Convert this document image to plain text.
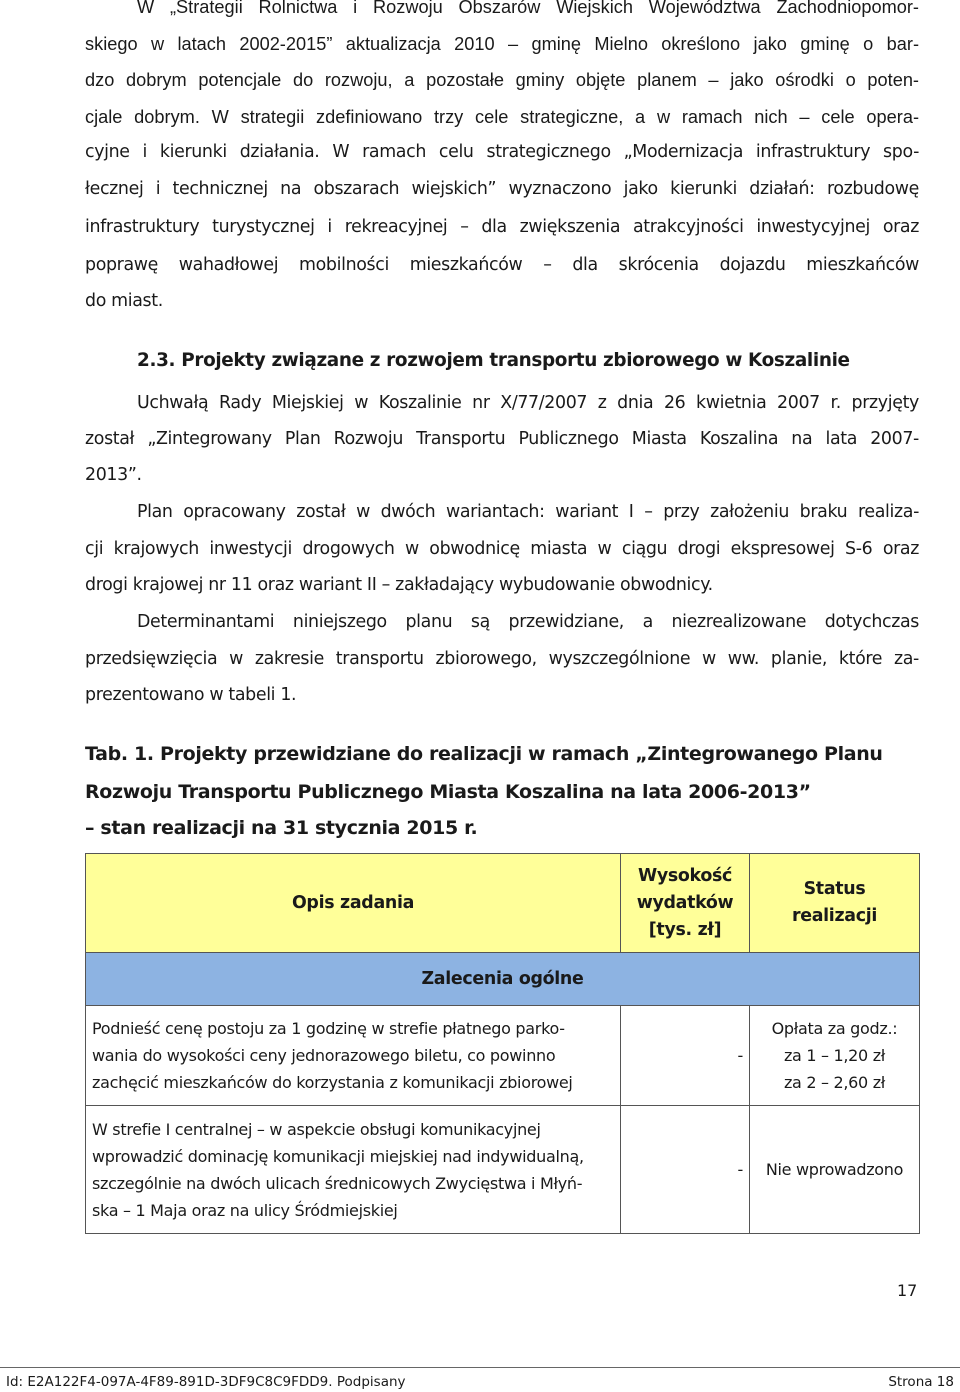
W „Strategii Rolnictwa i Rozwoju Obszarów Wiejskich Województwa Zachodniopomor-
skiego w latach 2002-2015” aktualizacja 2010 – gminę Mielno określono jako gminę o bar-
dzo dobrym potencjale do rozwoju, a pozostałe gminy objęte planem – jako ośrodki o poten-
cjale dobrym. W strategii zdefiniowano trzy cele strategiczne, a w ramach nich – cele opera-
cyjne i kierunki działania. W ramach celu strategicznego „Modernizacja infrastruktury spo-
łecznej i technicznej na obszarach wiejskich” wyznaczono jako kierunki działań: rozbudowę
infrastruktury turystycznej i rekreacyjnej – dla zwiększenia atrakcyjności inwestycyjnej oraz
poprawę wahadłowej mobilności mieszkańców – dla skrócenia dojazdu mieszkańców
do miast.
2.3. Projekty związane z rozwojem transportu zbiorowego w Koszalinie
Uchwałą Rady Miejskiej w Koszalinie nr X/77/2007 z dnia 26 kwietnia 2007 r. przyjęty
został „Zintegrowany Plan Rozwoju Transportu Publicznego Miasta Koszalina na lata 2007-
2013”.
Plan opracowany został w dwóch wariantach: wariant I – przy założeniu braku realiza-
cji krajowych inwestycji drogowych w obwodnicę miasta w ciągu drogi ekspresowej S-6 oraz
drogi krajowej nr 11 oraz wariant II – zakładający wybudowanie obwodnicy.
Determinantami niniejszego planu są przewidziane, a niezrealizowane dotychczas
przedsięwzięcia w zakresie transportu zbiorowego, wyszczególnione w ww. planie, które za-
prezentowano w tabeli 1.
Tab. 1. Projekty przewidziane do realizacji w ramach „Zintegrowanego Planu
Rozwoju Transportu Publicznego Miasta Koszalina na lata 2006-2013”
– stan realizacji na 31 stycznia 2015 r.
Opis zadania	Wysokość
wydatków
[tys. zł]	Status
realizacji

Zalecenia ogólne		

Podnieść cenę postoju za 1 godzinę w strefie płatnego parko-
wania do wysokości ceny jednorazowego biletu, co powinno
zachęcić mieszkańców do korzystania z komunikacji zbiorowej	-	Opłata za godz.:
za 1 – 1,20 zł
za 2 – 2,60 zł

W strefie I centralnej – w aspekcie obsługi komunikacyjnej
wprowadzić dominację komunikacji miejskiej nad indywidualną,
szczególnie na dwóch ulicach średnicowych Zwycięstwa i Młyń-
ska – 1 Maja oraz na ulicy Śródmiejskiej	-	Nie wprowadzono
17
Id: E2A122F4-097A-4F89-891D-3DF9C8C9FDD9. Podpisany	Strona 18
